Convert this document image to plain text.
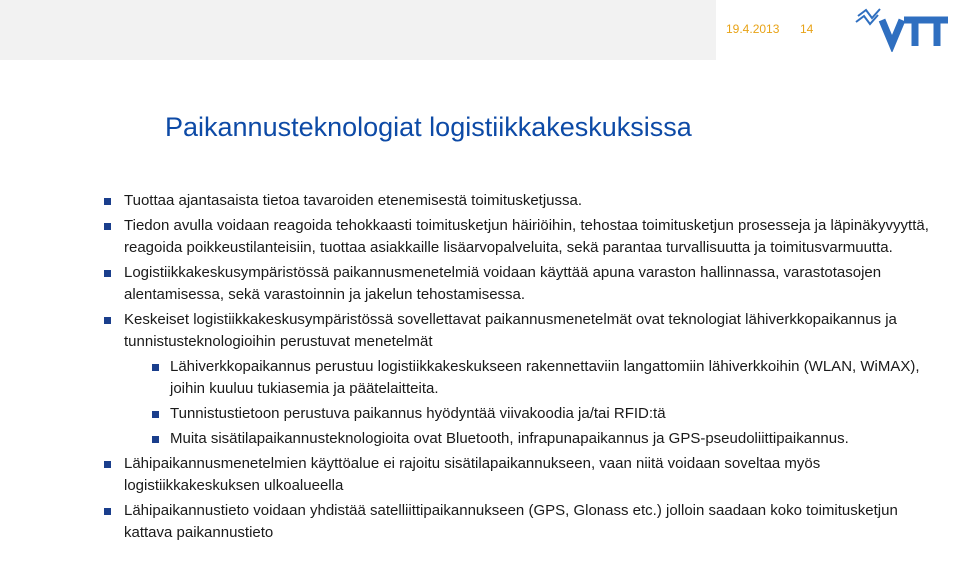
19.4.2013 14
Paikannusteknologiat logistiikkakeskuksissa
Tuottaa ajantasaista tietoa tavaroiden etenemisestä toimitusketjussa.
Tiedon avulla voidaan reagoida tehokkaasti toimitusketjun häiriöihin, tehostaa toimitusketjun prosesseja ja läpinäkyvyyttä, reagoida poikkeustilanteisiin, tuottaa asiakkaille lisäarvopalveluita, sekä parantaa turvallisuutta ja toimitusvarmuutta.
Logistiikkakeskusympäristössä paikannusmenetelmiä voidaan käyttää apuna varaston hallinnassa, varastotasojen alentamisessa, sekä varastoinnin ja jakelun tehostamisessa.
Keskeiset logistiikkakeskusympäristössä sovellettavat paikannusmenetelmät ovat teknologiat lähiverkkopaikannus ja tunnistusteknologioihin perustuvat menetelmät
Lähiverkkopaikannus perustuu logistiikkakeskukseen rakennettaviin langattomiin lähiverkkoihin (WLAN, WiMAX), joihin kuuluu tukiasemia ja päätelaitteita.
Tunnistustietoon perustuva paikannus hyödyntää viivakoodia ja/tai RFID:tä
Muita sisätilapaikannusteknologioita ovat Bluetooth, infrapunapaikannus ja GPS-pseudoliittipaikannus.
Lähipaikannusmenetelmien käyttöalue ei rajoitu sisätilapaikannukseen, vaan niitä voidaan soveltaa myös logistiikkakeskuksen ulkoalueella
Lähipaikannustieto voidaan yhdistää satelliittipaikannukseen (GPS, Glonass etc.) jolloin saadaan koko toimitusketjun kattava paikannustieto
